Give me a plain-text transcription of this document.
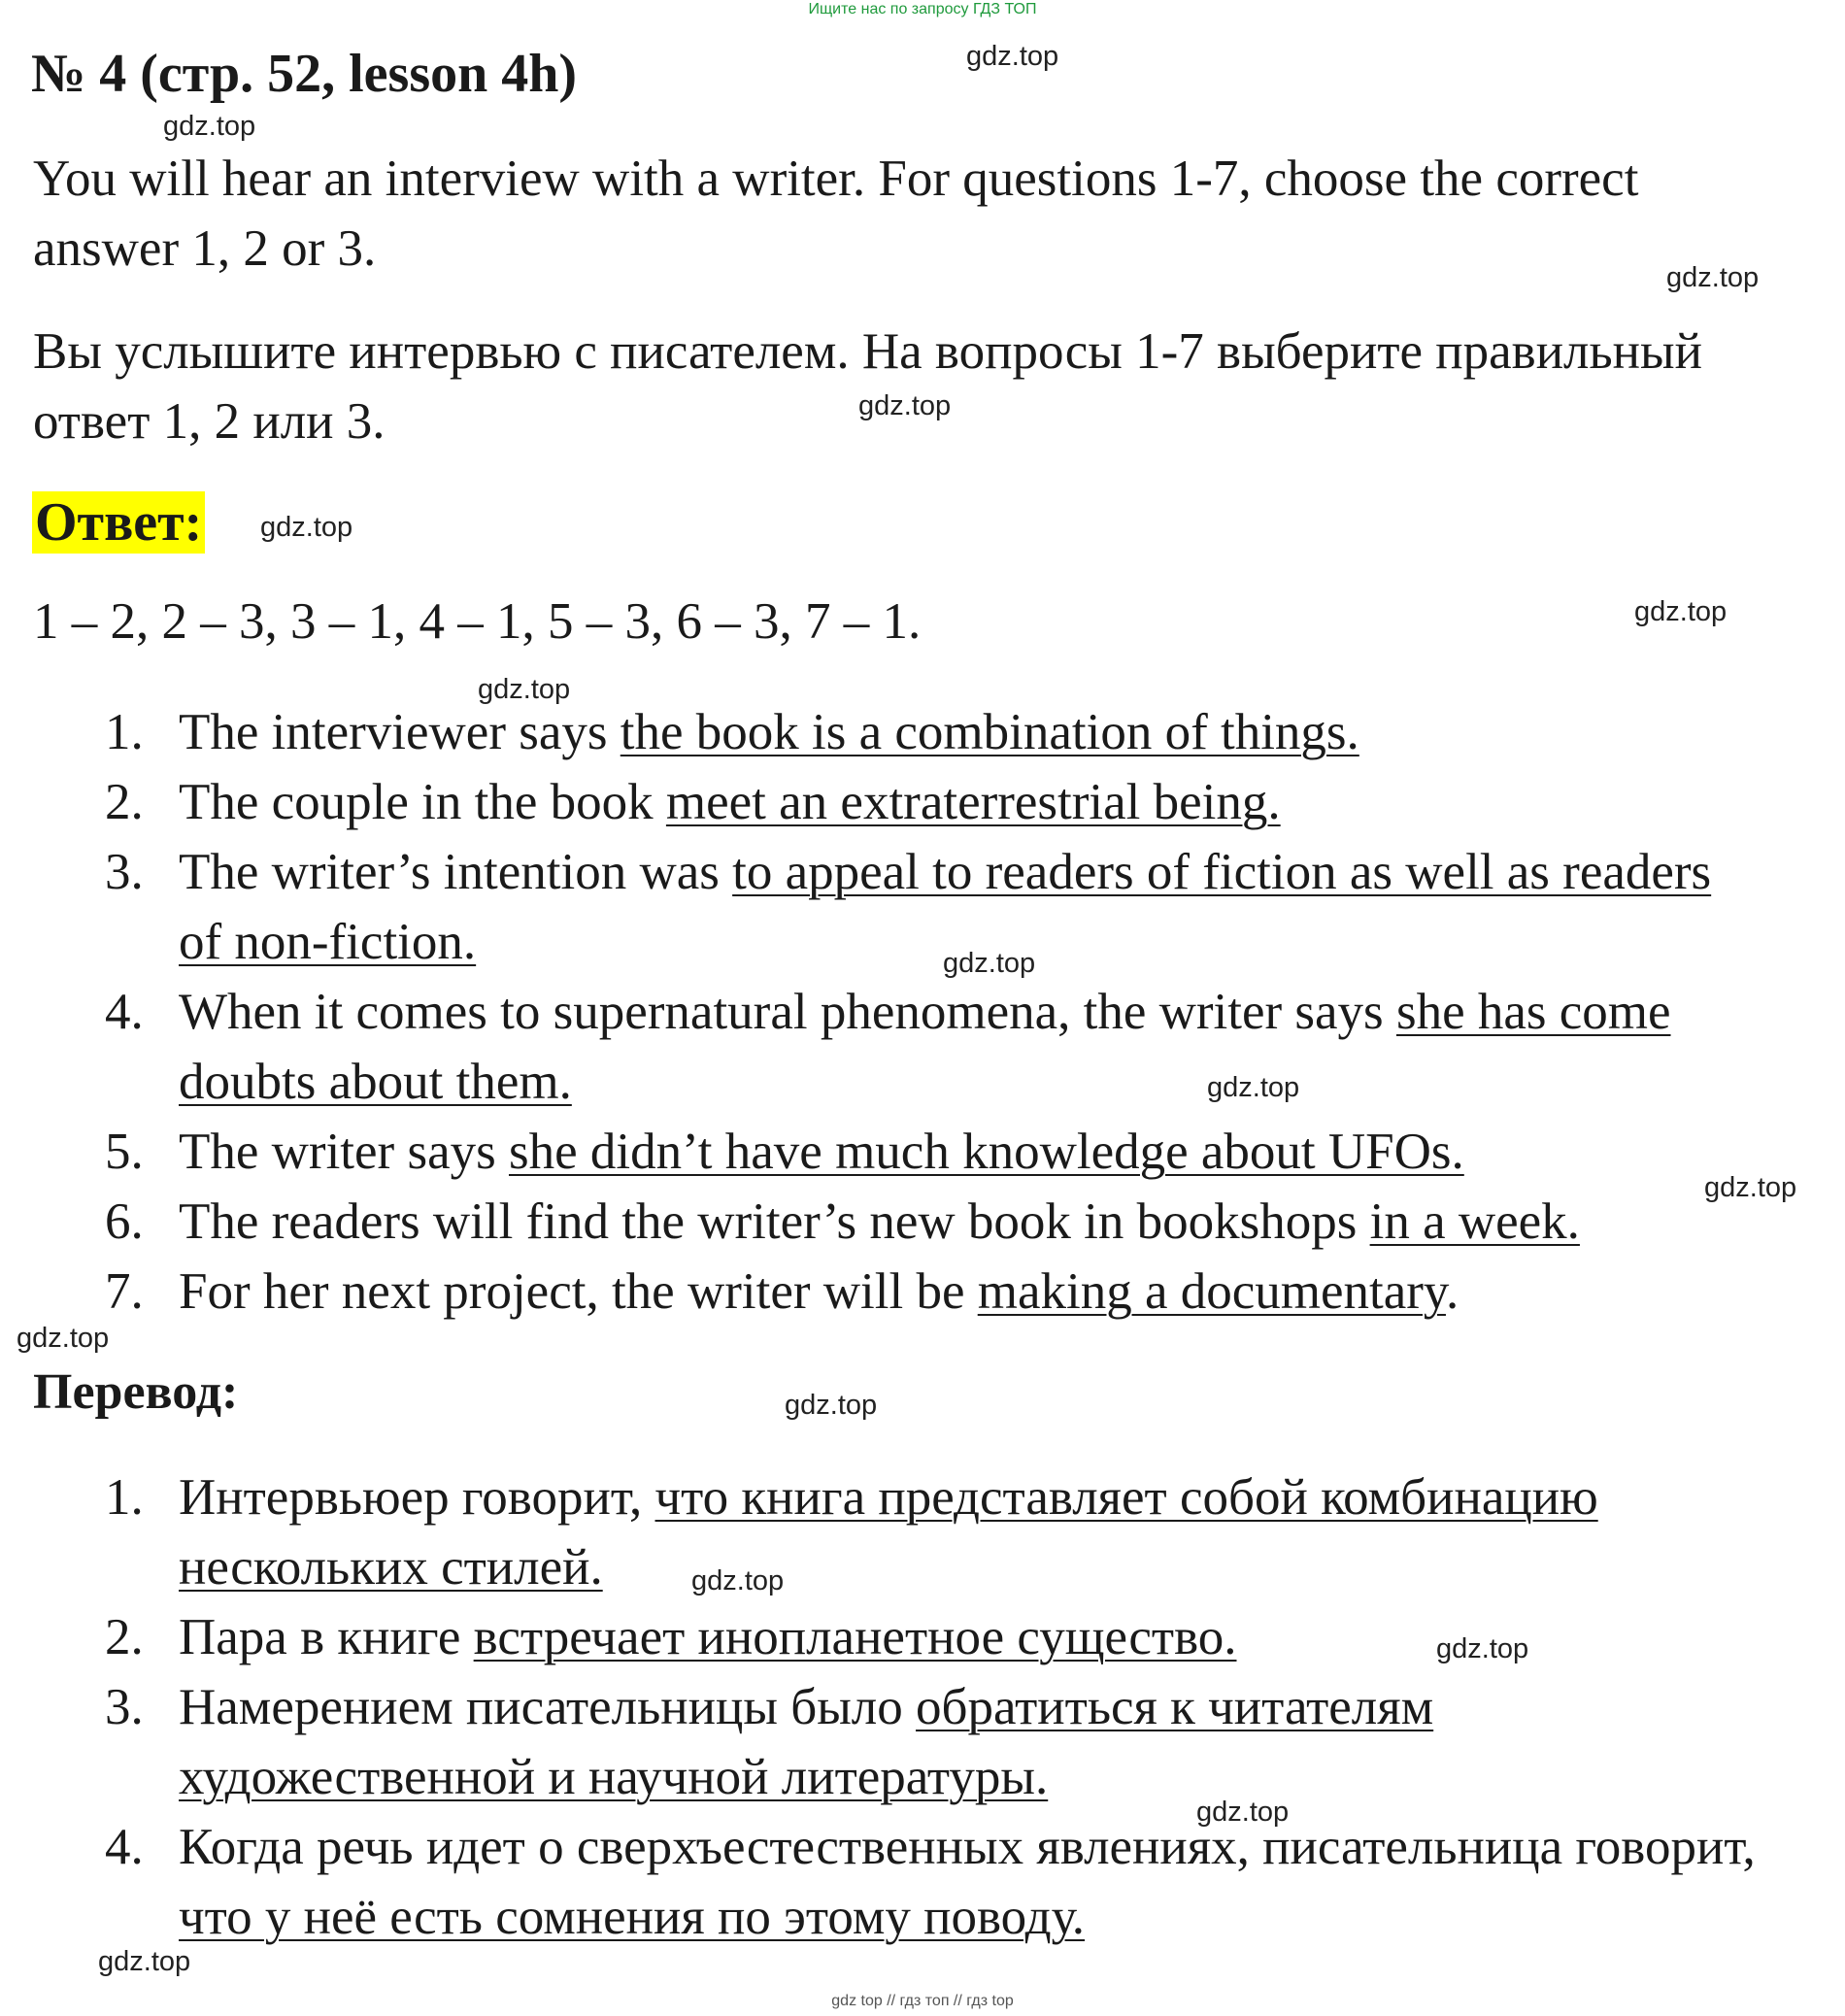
Ищите нас по запросу ГДЗ ТОП
№ 4 (стр. 52, lesson 4h)
You will hear an interview with a writer. For questions 1-7, choose the correct answer 1, 2 or 3.
Вы услышите интервью с писателем. На вопросы 1-7 выберите правильный ответ 1, 2 или 3.
Ответ:
1 – 2, 2 – 3, 3 – 1, 4 – 1, 5 – 3, 6 – 3, 7 – 1.
1. The interviewer says the book is a combination of things.
2. The couple in the book meet an extraterrestrial being.
3. The writer’s intention was to appeal to readers of fiction as well as readers of non-fiction.
4. When it comes to supernatural phenomena, the writer says she has come doubts about them.
5. The writer says she didn’t have much knowledge about UFOs.
6. The readers will find the writer’s new book in bookshops in a week.
7. For her next project, the writer will be making a documentary.
Перевод:
1. Интервьюер говорит, что книга представляет собой комбинацию нескольких стилей.
2. Пара в книге встречает инопланетное существо.
3. Намерением писательницы было обратиться к читателям художественной и научной литературы.
4. Когда речь идет о сверхъестественных явлениях, писательница говорит, что у неё есть сомнения по этому поводу.
gdz.top
gdz.top
gdz.top
gdz.top
gdz.top
gdz.top
gdz.top
gdz.top
gdz.top
gdz.top
gdz.top
gdz.top
gdz.top
gdz.top
gdz.top
gdz.top
gdz top // гдз топ // гдз top
